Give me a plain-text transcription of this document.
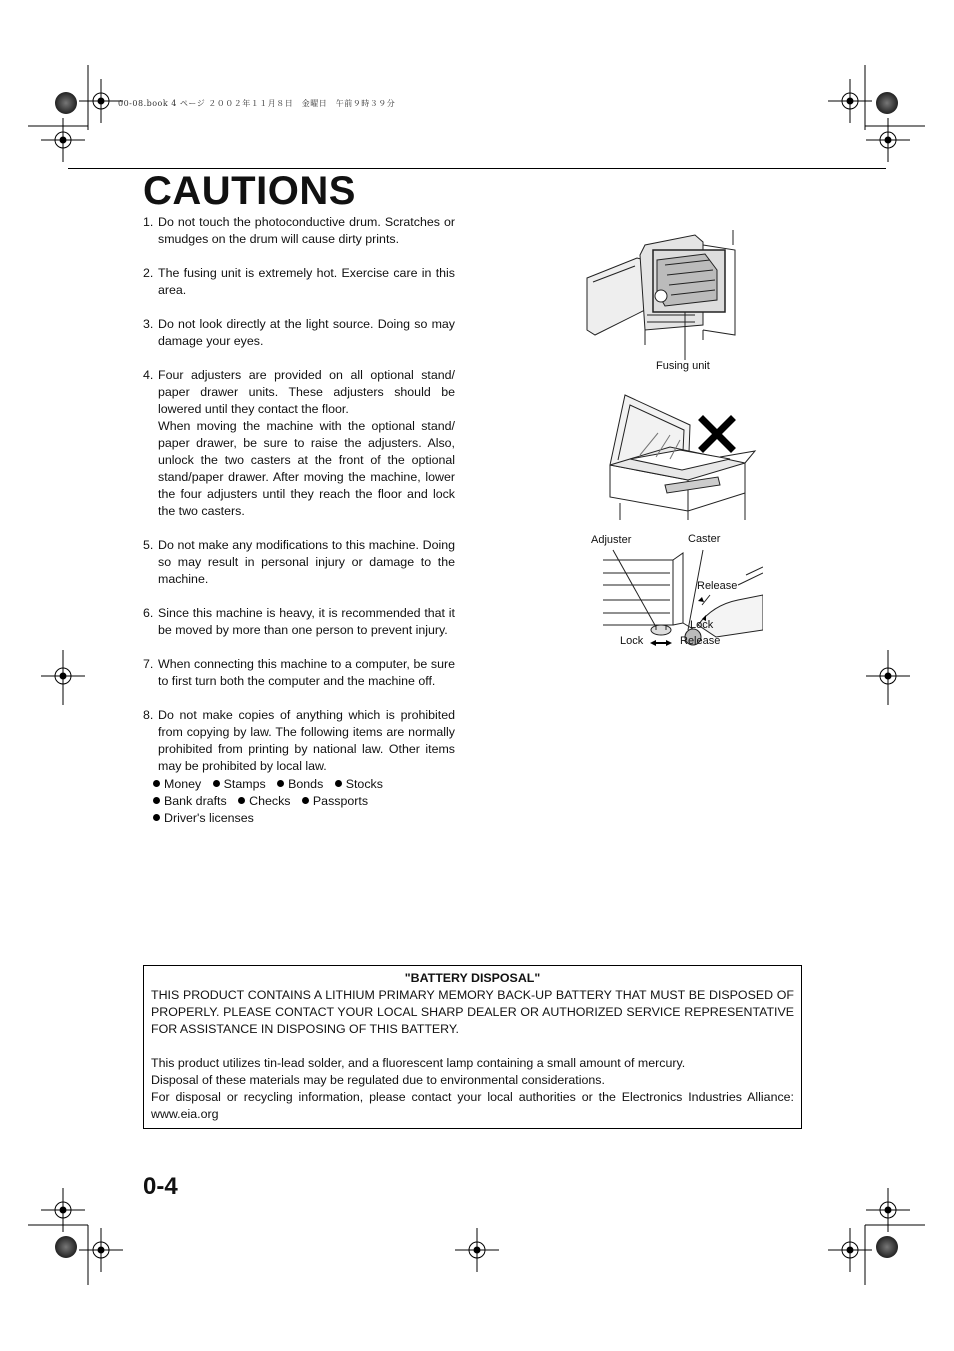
00-08.book 4 ページ ２００２年１１月８日　金曜日　午前９時３９分
CAUTIONS
1. Do not touch the photoconductive drum. Scratches or smudges on the drum will cause dirty prints.
2. The fusing unit is extremely hot. Exercise care in this area.
3. Do not look directly at the light source. Doing so may damage your eyes.
4. Four adjusters are provided on all optional stand/ paper drawer units. These adjusters should be lowered until they contact the floor.
When moving the machine with the optional stand/ paper drawer, be sure to raise the adjusters. Also, unlock the two casters at the front of the optional stand/paper drawer. After moving the machine, lower the four adjusters until they reach the floor and lock the two casters.
5. Do not make any modifications to this machine. Doing so may result in personal injury or damage to the machine.
6. Since this machine is heavy, it is recommended that it be moved by more than one person to prevent injury.
7. When connecting this machine to a computer, be sure to first turn both the computer and the machine off.
8. Do not make copies of anything which is prohibited from copying by law. The following items are normally prohibited from printing by national law. Other items may be prohibited by local law.
Money Stamps Bonds Stocks
Bank drafts Checks Passports
Driver's licenses
Fusing unit
Adjuster	Caster
Release
Lock
Lock	Release
"BATTERY DISPOSAL"
THIS PRODUCT CONTAINS A LITHIUM PRIMARY MEMORY BACK-UP BATTERY THAT MUST BE DISPOSED OF PROPERLY. PLEASE CONTACT YOUR LOCAL SHARP DEALER OR AUTHORIZED SERVICE REPRESENTATIVE FOR ASSISTANCE IN DISPOSING OF THIS BATTERY.
This product utilizes tin-lead solder, and a fluorescent lamp containing a small amount of mercury.
Disposal of these materials may be regulated due to environmental considerations.
For disposal or recycling information, please contact your local authorities or the Electronics Industries Alliance: www.eia.org
0-4
